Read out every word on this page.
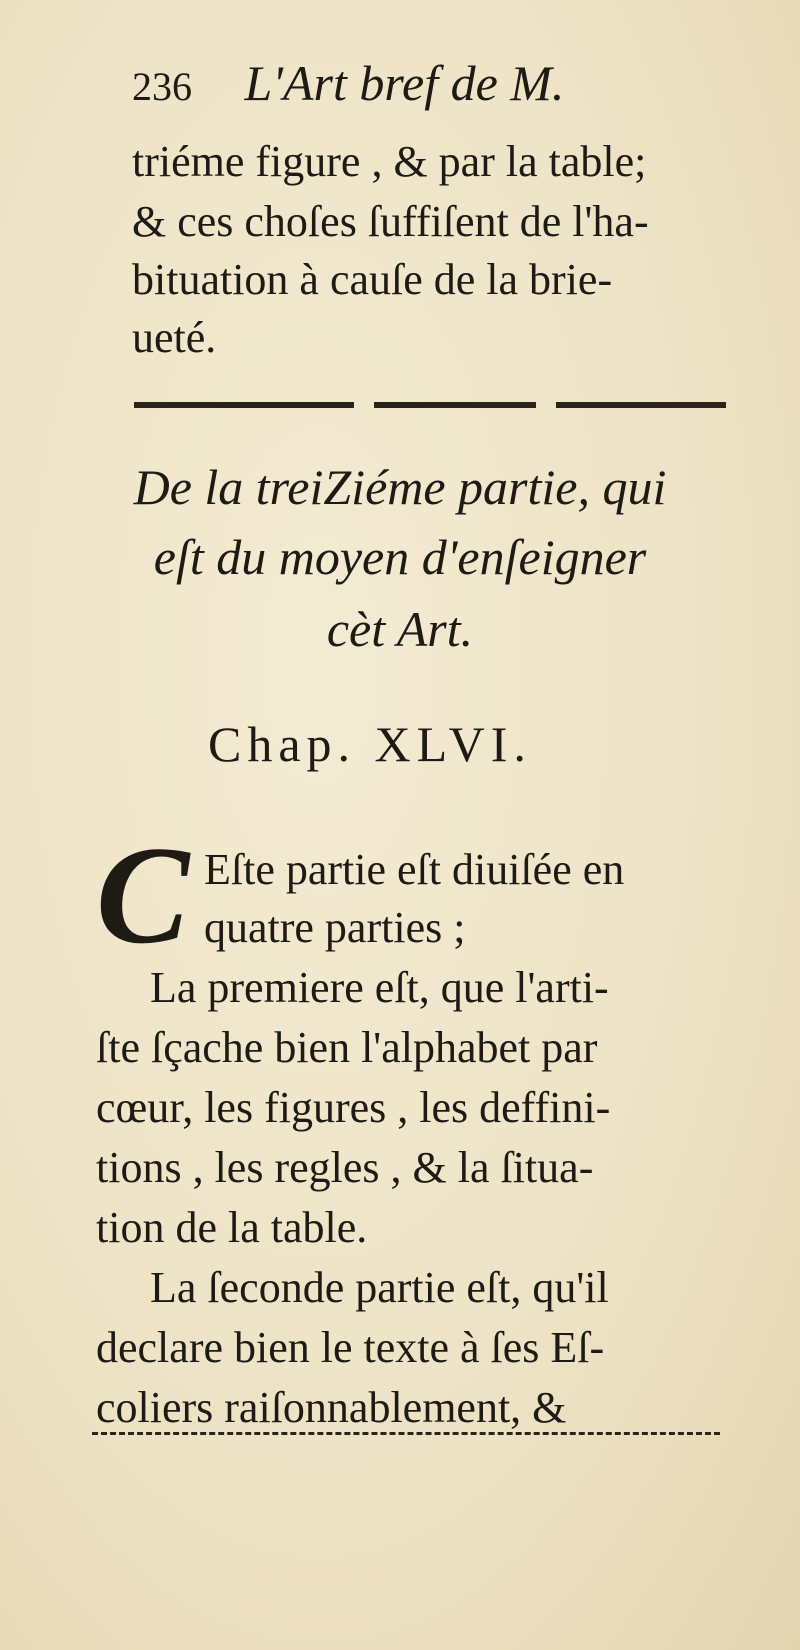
236 L'Art bref de M.
triéme figure , & par la table;
& ces choſes ſuffiſent de l'ha-
bituation à cauſe de la brie-
ueté.
De la treiZiéme partie, qui
eſt du moyen d'enſeigner
cèt Art.
Chap. XLVI.
C Eſte partie eſt diuiſée en
quatre parties ;
La premiere eſt, que l'arti-
ſte ſçache bien l'alphabet par
cœur, les figures , les deffini-
tions , les regles , & la ſitua-
tion de la table.
La ſeconde partie eſt, qu'il
declare bien le texte à ſes Eſ-
coliers raiſonnablement, &
